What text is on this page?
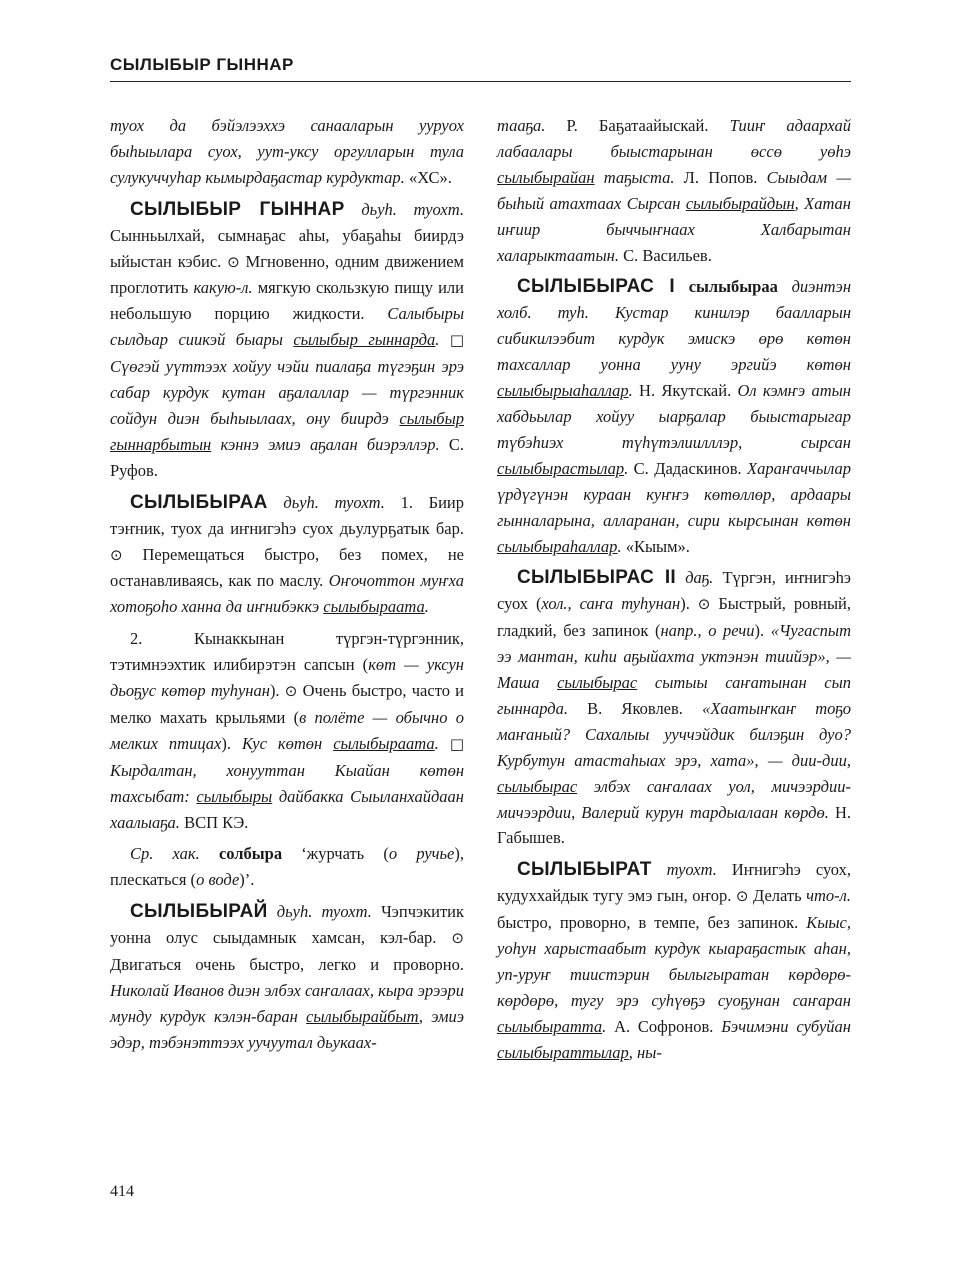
СЫЛЫБЫР ГЫННАР

туох да бэйэлээххэ санааларын ууруох быhыылара суох, уут-уксу оргулларын тула сулукуччуhар кымырдаҕастар курдуктар. «ХС».

СЫЛЫБЫР ГЫННАР дьуh. туохт. Сынньылхай, сымнаҕас аhы, убаҕаhы биирдэ ыйыстан кэбис. ⊙ Мгновенно, одним движением проглотить какую-л. мягкую скользкую пищу или небольшую порцию жидкости. Салыбыры сылдьар сиикэй быары сылыбыр гыннарда. □ Сүөгэй уүттээх хойуу чэйи пиалаҕа түгэҕин эрэ сабар курдук кутан аҕалаллар — түргэнник сойдун диэн быhыылаах, ону биирдэ сылыбыр гыннарбытын кэннэ эмиэ аҕалан биэрэллэр. С. Руфов.

СЫЛЫБЫРАА дьуh. туохт. 1. Биир тэҥник, туох да иҥнигэhэ суох дьулурҕатык бар. ⊙ Перемещаться быстро, без помех, не останавливаясь, как по маслу. Оҥочоттон муҥха хотоҕоhо ханна да иҥнибэккэ сылыбыраата.

2. Кынаккынан түргэн-түргэнник, тэтимнээхтик илибирэтэн сапсын (көт — уксун дьоҕус көтөр туhунан). ⊙ Очень быстро, часто и мелко махать крыльями (в полёте — обычно о мелких птицах). Кус көтөн сылыбыраата. □ Кырдалтан, хонууттан Кыайан көтөн тахсыбат: сылыбыры дайбакка Сыыланхайдаан хаалыаҕа. ВСП КЭ.

Ср. хак. солбыра ‘журчать (о ручье), плескаться (о воде)’.

СЫЛЫБЫРАЙ дьуh. туохт. Чэпчэкитик уонна олус сыыдамнык хамсан, кэл-бар. ⊙ Двигаться очень быстро, легко и проворно. Николай Иванов диэн элбэх саҥалаах, кыра эрээри мунду курдук кэлэн-баран сылыбырайбыт, эмиэ эдэр, тэбэнэттээх уучуутал дьукаах-

тааҕа. Р. Баҕатаайыскай. Тииҥ адаархай лабаалары быыстарынан өссө уөhэ сылыбырайан таҕыста. Л. Попов. Сыыдам — быhый атахтаах Сырсан сылыбырайдын, Хатан иҥиир быччыҥнаах Халбарытан халарыктаатын. С. Васильев.

СЫЛЫБЫРАС I сылыбыраа диэнтэн холб. туh. Кустар кинилэр баалларын сибикилээбит курдук эмискэ өрө көтөн тахсаллар уонна ууну эргийэ көтөн сылыбырыаhаллар. Н. Якутскай. Ол кэмҥэ атын хабдьылар хойуу ыарҕалар быыстарыгар түбэhиэх түhүтэлиилллэр, сырсан сылыбырастылар. С. Дадаскинов. Хараҥаччылар үрдүгүнэн кураан куҥҥэ көтөллөр, ардаары гынналарына, алларанан, сири кырсынан көтөн сылыбыраhаллар. «Кыым».

СЫЛЫБЫРАС II даҕ. Түргэн, иҥнигэhэ суох (хол., саҥа туhунан). ⊙ Быстрый, ровный, гладкий, без запинок (напр., о речи). «Чугаспыт ээ мантан, киhи аҕыйахта уктэнэн тиийэр», — Маша сылыбырас сытыы саҥатынан сып гыннарда. В. Яковлев. «Хаатыҥкаҥ тоҕо маҥаный? Сахалыы ууччэйдик билэҕин дуо? Курбутун атастаhыах эрэ, хата», — дии-дии, сылыбырас элбэх саҥалаах уол, мичээрдии-мичээрдии, Валерий курун тардыалаан көрдө. Н. Габышев.

СЫЛЫБЫРАТ туохт. Иҥнигэhэ суох, кудуххайдык тугу эмэ гын, оҥор. ⊙ Делать что-л. быстро, проворно, в темпе, без запинок. Кыыс, уоhун харыстаабыт курдук кыараҕастык аhан, уп-уруҥ тиистэрин былыгыратан көрдөрө-көрдөрө, тугу эрэ суhүөҕэ суоҕунан саҥаран сылыбыратта. А. Софронов. Бэчимэни субуйан сылыбыраттылар, ны-

414
